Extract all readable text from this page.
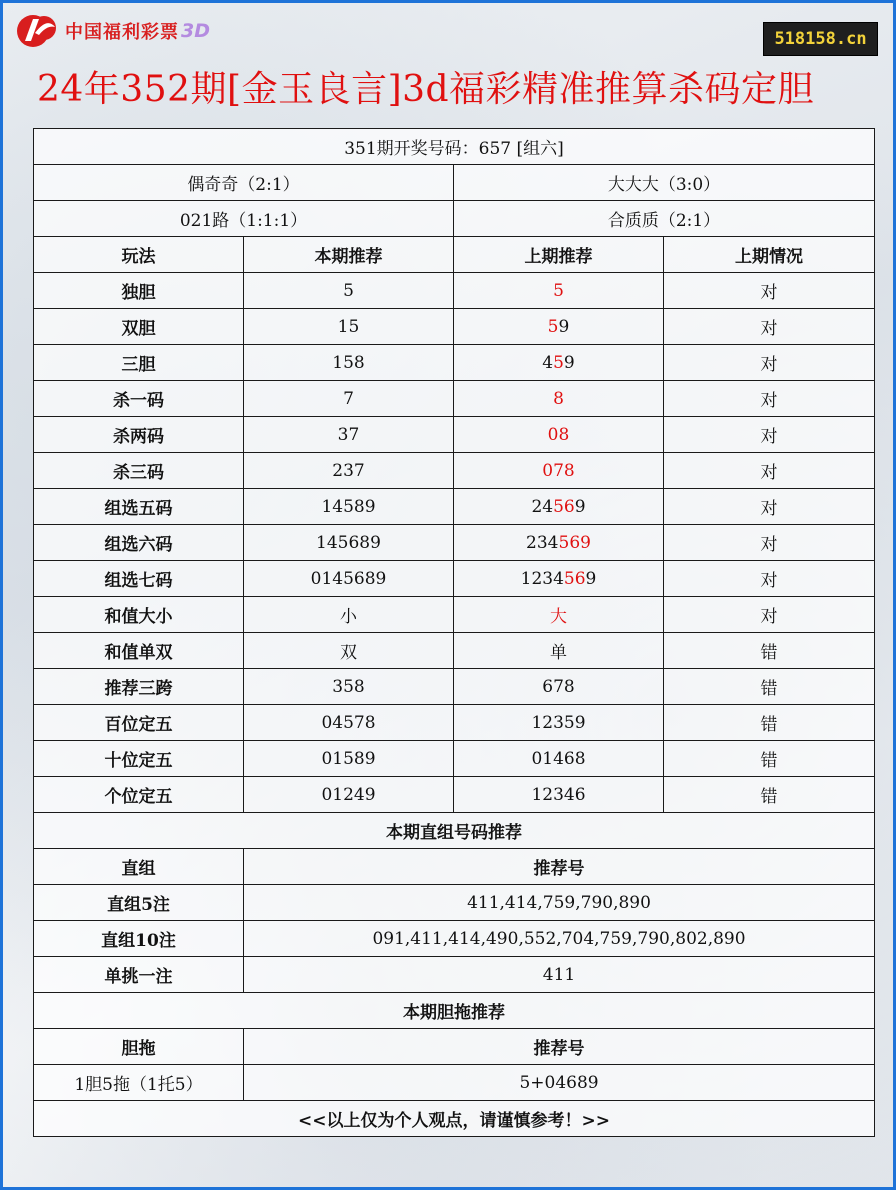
中国福利彩票 3D	518158.cn
24年352期[金玉良言]3d福彩精准推算杀码定胆
351期开奖号码：657 [组六]			
偶奇奇（2:1）		大大大（3:0）	
021路（1:1:1）		合质质（2:1）	
玩法	本期推荐	上期推荐	上期情况
独胆	5	5	对
双胆	15	59	对
三胆	158	459	对
杀一码	7	8	对
杀两码	37	08	对
杀三码	237	078	对
组选五码	14589	24569	对
组选六码	145689	234569	对
组选七码	0145689	1234569	对
和值大小	小	大	对
和值单双	双	单	错
推荐三跨	358	678	错
百位定五	04578	12359	错
十位定五	01589	01468	错
个位定五	01249	12346	错
本期直组号码推荐			
直组	推荐号		
直组5注	411,414,759,790,890		
直组10注	091,411,414,490,552,704,759,790,802,890		
单挑一注	411		
本期胆拖推荐			
胆拖	推荐号		
1胆5拖（1托5）	5+04689		
<<以上仅为个人观点，请谨慎参考！>>			
